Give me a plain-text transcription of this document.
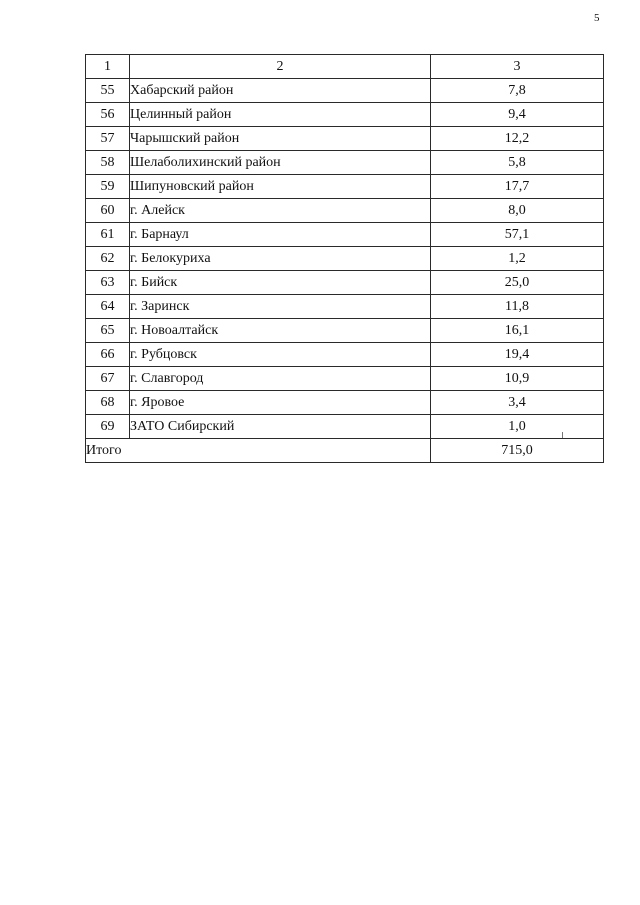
5
1	2	3
55	Хабарский район	7,8
56	Целинный район	9,4
57	Чарышский район	12,2
58	Шелаболихинский район	5,8
59	Шипуновский район	17,7
60	г. Алейск	8,0
61	г. Барнаул	57,1
62	г. Белокуриха	1,2
63	г. Бийск	25,0
64	г. Заринск	11,8
65	г. Новоалтайск	16,1
66	г. Рубцовск	19,4
67	г. Славгород	10,9
68	г. Яровое	3,4
69	ЗАТО Сибирский	1,0
Итого		715,0
